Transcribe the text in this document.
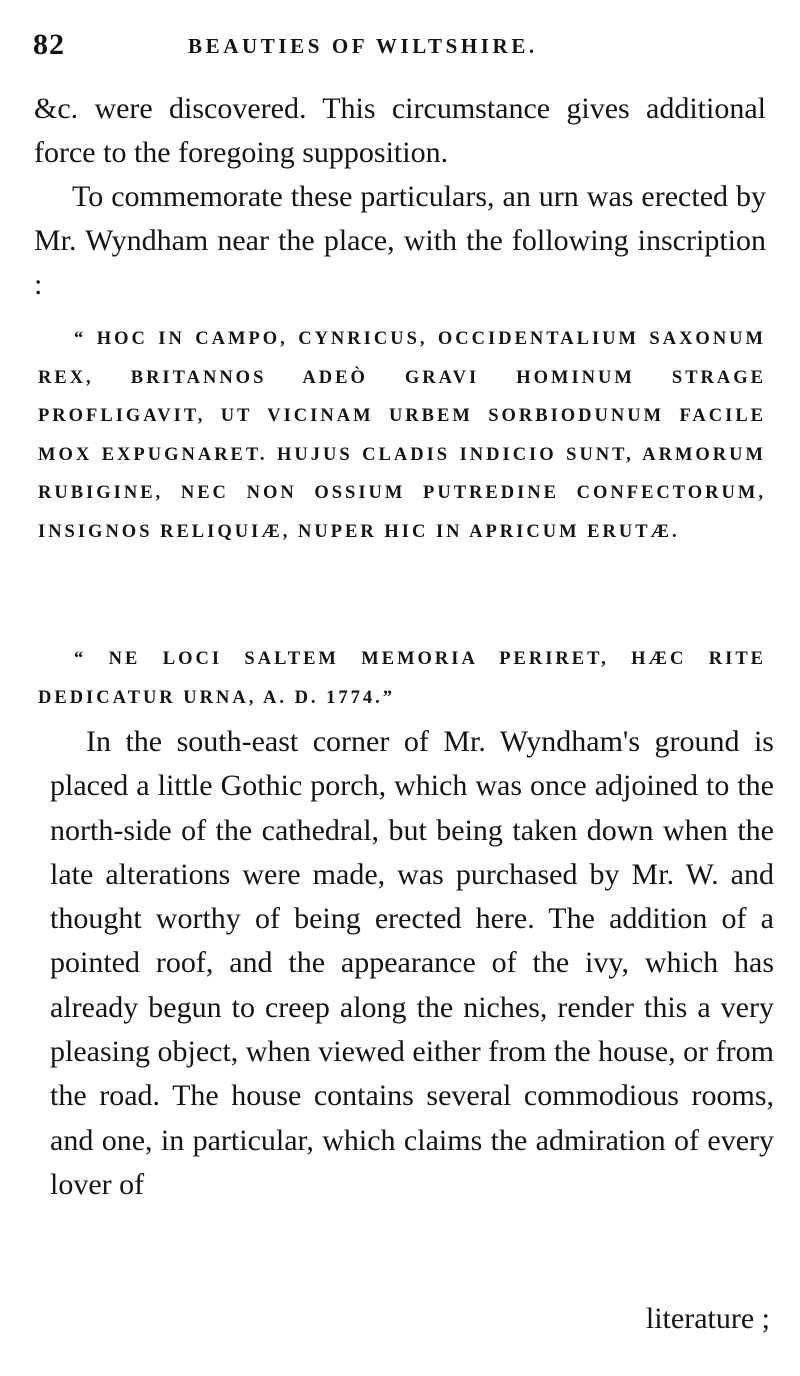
82	BEAUTIES OF WILTSHIRE.
&c. were discovered. This circumstance gives additional force to the foregoing supposition.
To commemorate these particulars, an urn was erected by Mr. Wyndham near the place, with the following inscription :
“ HOC IN CAMPO, CYNRICUS, OCCIDENTALIUM SAXONUM REX, BRITANNOS ADEÒ GRAVI HOMINUM STRAGE PROFLIGAVIT, UT VICINAM URBEM SORBIODUNUM FACILE MOX EXPUGNARET. HUJUS CLADIS INDICIO SUNT, ARMORUM RUBIGINE, NEC NON OSSIUM PUTREDINE CONFECTORUM, INSIGNOS RELIQUIÆ, NUPER HIC IN APRICUM ERUTÆ.
“ NE LOCI SALTEM MEMORIA PERIRET, HÆC RITE DEDICATUR URNA, A. D. 1774.”
In the south-east corner of Mr. Wyndham's ground is placed a little Gothic porch, which was once adjoined to the north-side of the cathedral, but being taken down when the late alterations were made, was purchased by Mr. W. and thought worthy of being erected here. The addition of a pointed roof, and the appearance of the ivy, which has already begun to creep along the niches, render this a very pleasing object, when viewed either from the house, or from the road. The house contains several commodious rooms, and one, in particular, which claims the admiration of every lover of
literature ;
